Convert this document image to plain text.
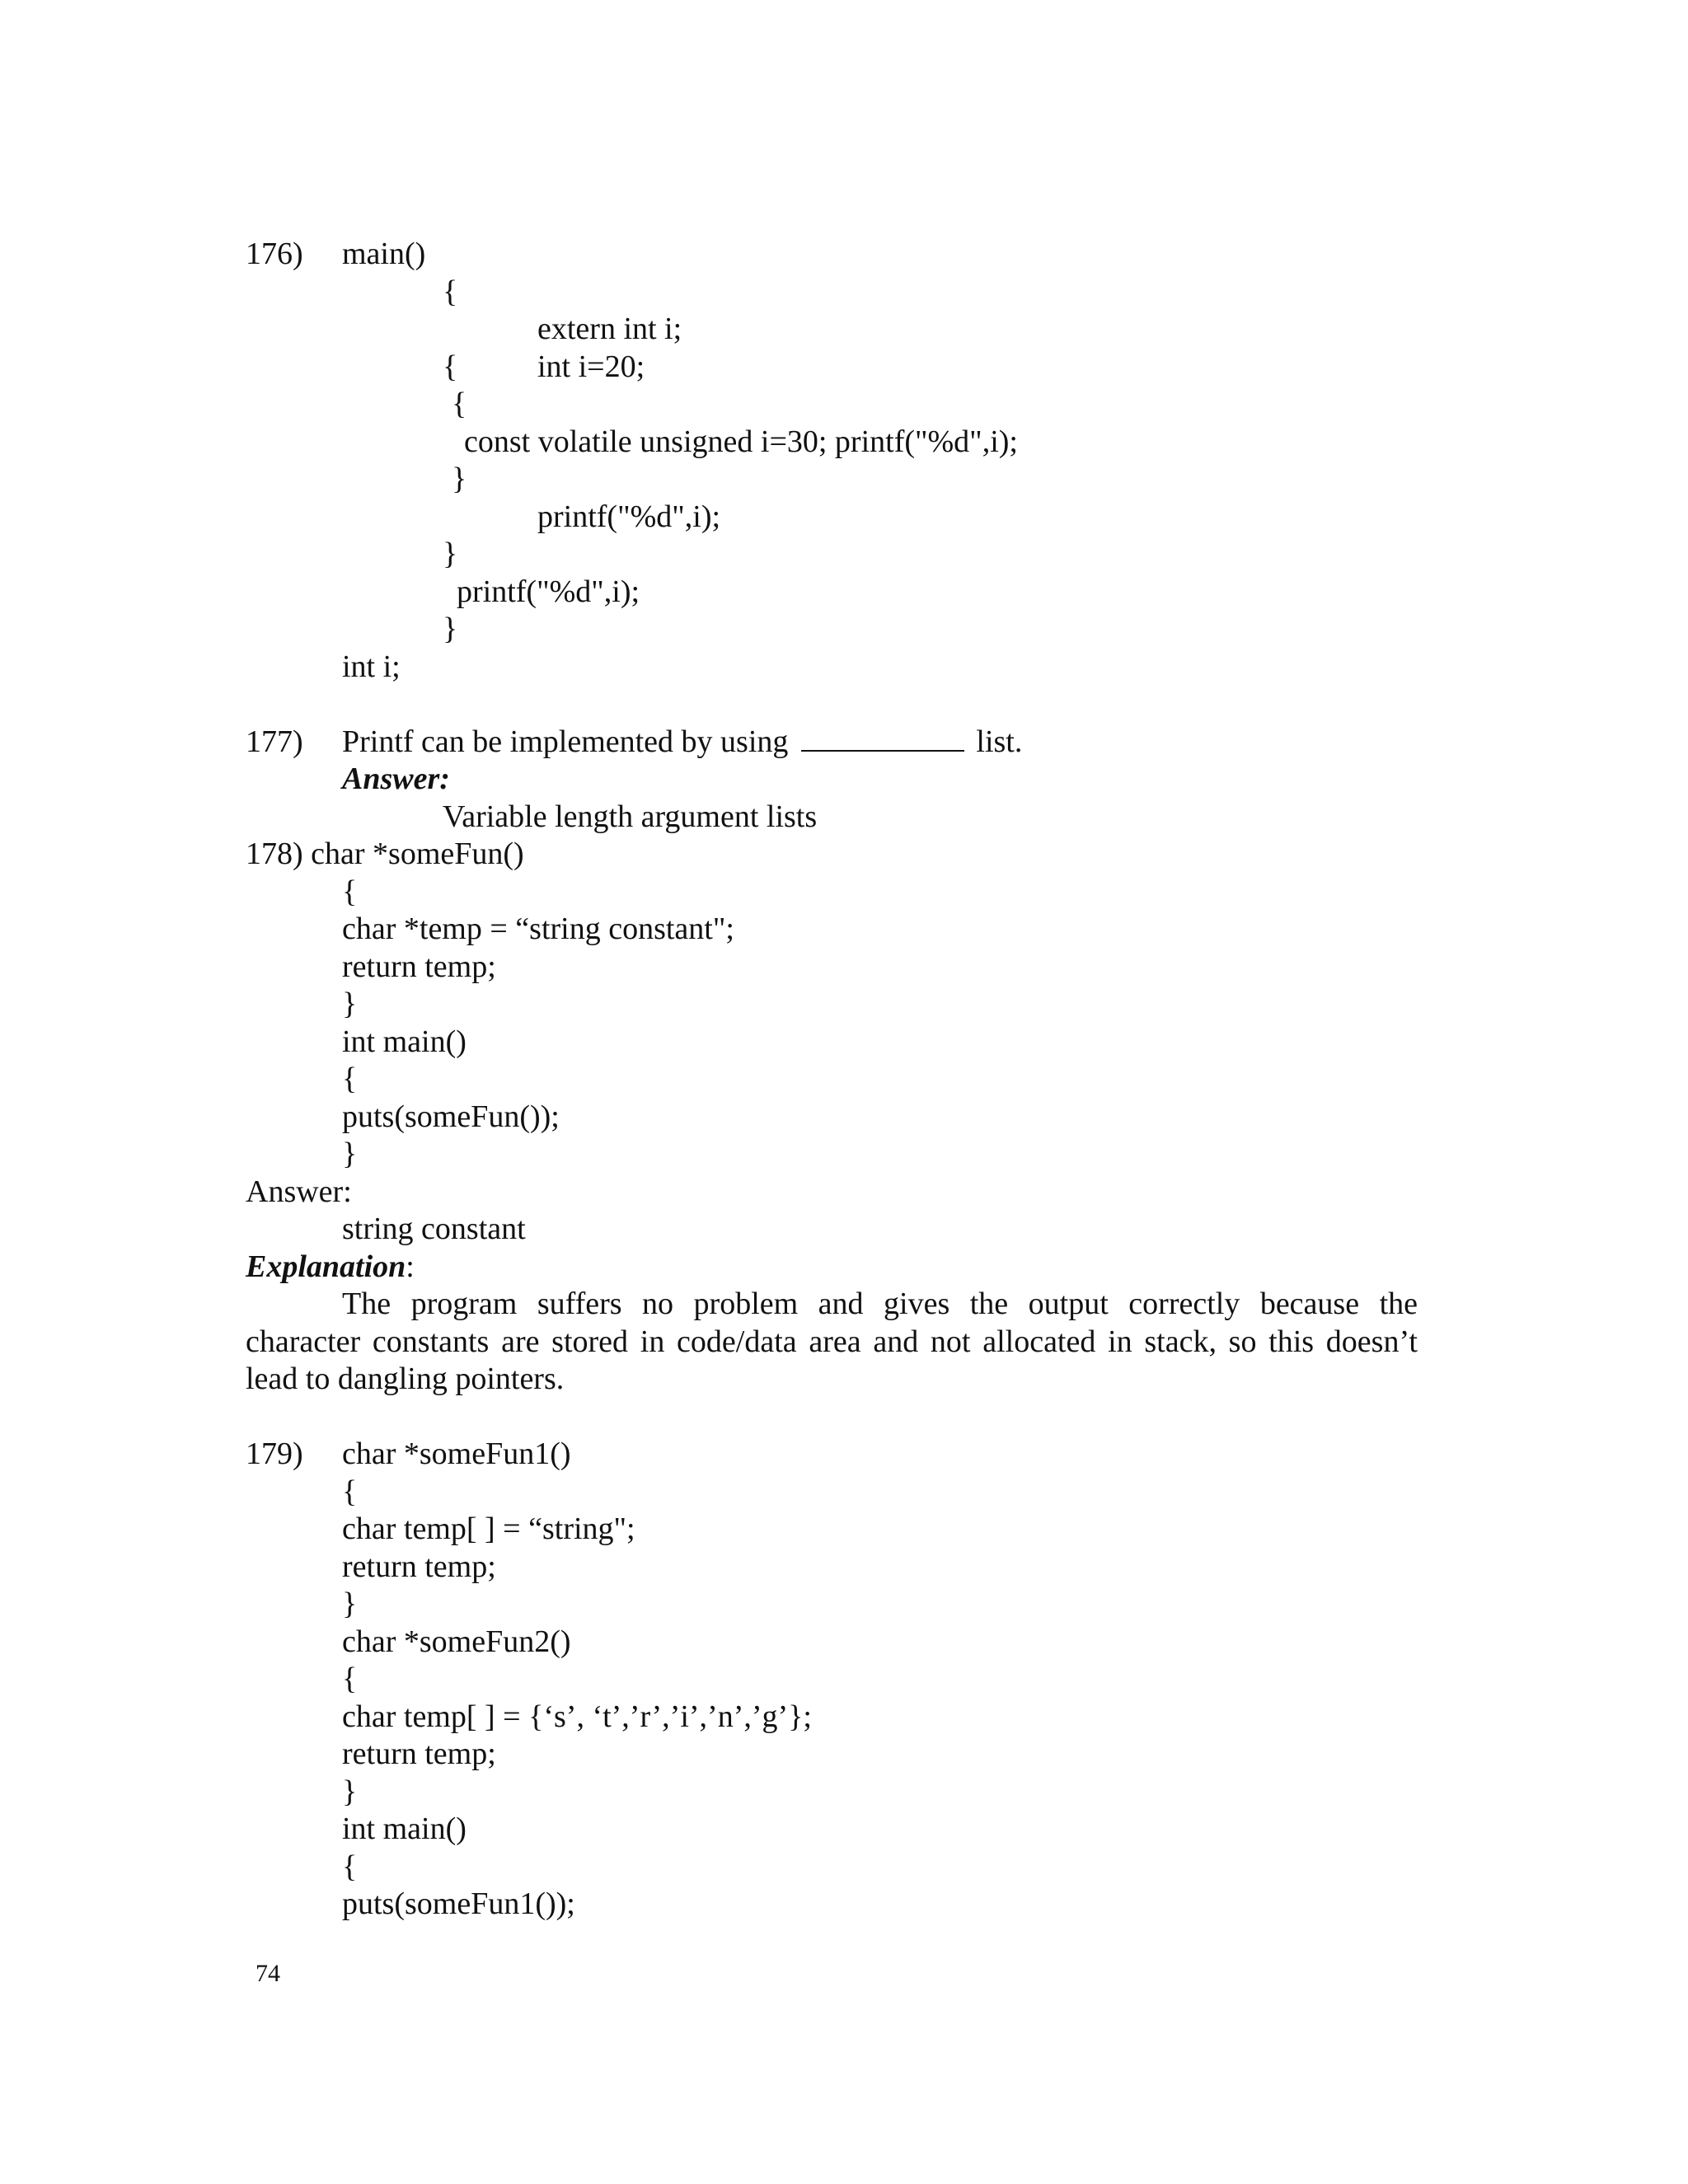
176) main()
{
extern int i;
{	int i=20;
{
const volatile unsigned i=30; printf("%d",i);
}
printf("%d",i);
}
printf("%d",i);
}
int i;
177) Printf can be implemented by using	list.
Answer:
Variable length argument lists
178) char *someFun()
{
char *temp = “string constant";
return temp;
}
int main()
{
puts(someFun());
}
Answer:
string constant
Explanation:
The program suffers no problem and gives the output correctly because the
character constants are stored in code/data area and not allocated in stack, so this doesn’t
lead to dangling pointers.
179) char *someFun1()
{
char temp[ ] = “string";
return temp;
}
char *someFun2()
{
char temp[ ] = {‘s’, ‘t’,’r’,’i’,’n’,’g’};
return temp;
}
int main()
{
puts(someFun1());
74
